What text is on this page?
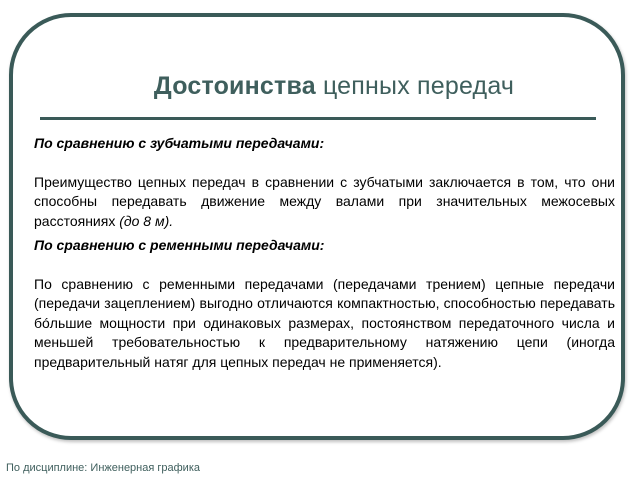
Достоинства цепных передач

По сравнению с зубчатыми передачами:

Преимущество цепных передач в сравнении с зубчатыми заключается в том, что они способны передавать движение между валами при значительных межосевых расстояниях (до 8 м).

По сравнению с ременными передачами:

По сравнению с ременными передачами (передачами трением) цепные передачи (передачи зацеплением) выгодно отличаются компактностью, способностью передавать бóльшие мощности при одинаковых размерах, постоянством передаточного числа и меньшей требовательностью к предварительному натяжению цепи (иногда предварительный натяг для цепных передач не применяется).

По дисциплине: Инженерная графика
